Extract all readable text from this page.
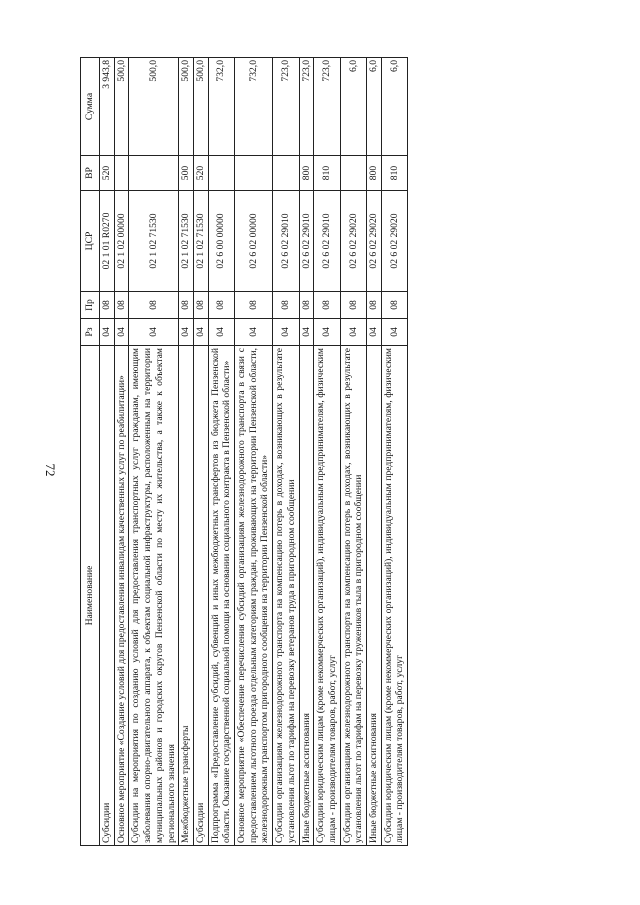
72
Наименование	Рз	Пр	ЦСР	ВР	Сумма
Субсидии	04	08	02 1 01 R0270	520	3 943,8
Основное мероприятие «Создание условий для предоставления инвалидам качественных услуг по реабилитации»	04	08	02 1 02 00000		500,0
Субсидии на мероприятия по созданию условий для предоставления транспортных услуг гражданам, имеющим заболевания опорно-двигательного аппарата, к объектам социальной инфраструктуры, расположенным на территории муниципальных районов и городских округов Пензенской области по месту их жительства, а также к объектам регионального значения	04	08	02 1 02 71530		500,0
Межбюджетные трансферты	04	08	02 1 02 71530	500	500,0
Субсидии	04	08	02 1 02 71530	520	500,0
Подпрограмма «Предоставление субсидий, субвенций и иных межбюджетных трансфертов из бюджета Пензенской области. Оказание государственной социальной помощи на основании социального контракта в Пензенской области»	04	08	02 6 00 00000		732,0
Основное мероприятие «Обеспечение перечисления субсидий организациям железнодорожного транспорта в связи с предоставлением льготного проезда отдельным категориям граждан, проживающих на территории Пензенской области, железнодорожным транспортом пригородного сообщения на территории Пензенской области»	04	08	02 6 02 00000		732,0
Субсидии организациям железнодорожного транспорта на компенсацию потерь в доходах, возникающих в результате установления льгот по тарифам на перевозку ветеранов труда в пригородном сообщении	04	08	02 6 02 29010		723,0
Иные бюджетные ассигнования	04	08	02 6 02 29010	800	723,0
Субсидии юридическим лицам (кроме некоммерческих организаций), индивидуальным предпринимателям, физическим лицам - производителям товаров, работ, услуг	04	08	02 6 02 29010	810	723,0
Субсидии организациям железнодорожного транспорта на компенсацию потерь в доходах, возникающих в результате установления льгот по тарифам на перевозку тружеников тыла в пригородном сообщении	04	08	02 6 02 29020		6,0
Иные бюджетные ассигнования	04	08	02 6 02 29020	800	6,0
Субсидии юридическим лицам (кроме некоммерческих организаций), индивидуальным предпринимателям, физическим лицам - производителям товаров, работ, услуг	04	08	02 6 02 29020	810	6,0
